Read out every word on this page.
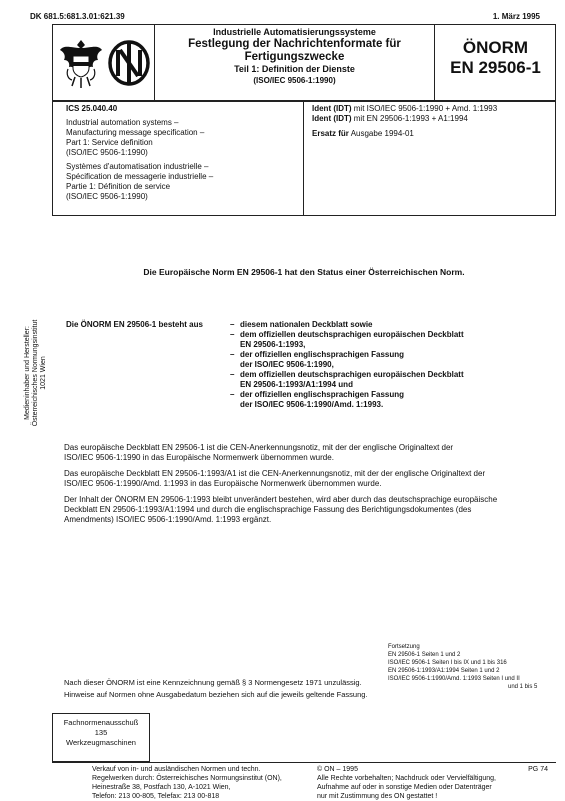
DK 681.5:681.3.01:621.39	1. März 1995
Industrielle Automatisierungssysteme
Festlegung der Nachrichtenformate für
Fertigungszwecke
Teil 1: Definition der Dienste
(ISO/IEC 9506-1:1990)
ÖNORM
EN 29506-1
ICS 25.040.40
Industrial automation systems –
Manufacturing message specification –
Part 1: Service definition
(ISO/IEC 9506-1:1990)
Systèmes d'automatisation industrielle –
Spécification de messagerie industrielle –
Partie 1: Définition de service
(ISO/IEC 9506-1:1990)
Ident (IDT) mit ISO/IEC 9506-1:1990 + Amd. 1:1993
Ident (IDT) mit EN 29506-1:1993 + A1:1994
Ersatz für Ausgabe 1994-01
Die Europäische Norm EN 29506-1 hat den Status einer Österreichischen Norm.
Die ÖNORM EN 29506-1 besteht aus	– diesem nationalen Deckblatt sowie
– dem offiziellen deutschsprachigen europäischen Deckblatt
EN 29506-1:1993,
– der offiziellen englischsprachigen Fassung
der ISO/IEC 9506-1:1990,
– dem offiziellen deutschsprachigen europäischen Deckblatt
EN 29506-1:1993/A1:1994 und
– der offiziellen englischsprachigen Fassung
der ISO/IEC 9506-1:1990/Amd. 1:1993.
Medieninhaber und Hersteller: Österreichisches Normungsinstitut 1021 Wien
Das europäische Deckblatt EN 29506-1 ist die CEN-Anerkennungsnotiz, mit der der englische Originaltext der
ISO/IEC 9506-1:1990 in das Europäische Normenwerk übernommen wurde.
Das europäische Deckblatt EN 29506-1:1993/A1 ist die CEN-Anerkennungsnotiz, mit der der englische Originaltext der
ISO/IEC 9506-1:1990/Amd. 1:1993 in das Europäische Normenwerk übernommen wurde.
Der Inhalt der ÖNORM EN 29506-1:1993 bleibt unverändert bestehen, wird aber durch das deutschsprachige europäische
Deckblatt EN 29506-1:1993/A1:1994 und durch die englischsprachige Fassung des Berichtigungsdokumentes (des
Amendments) ISO/IEC 9506-1:1990/Amd. 1:1993 ergänzt.
Fortsetzung
EN 29506-1 Seiten 1 und 2
ISO/IEC 9506-1 Seiten I bis IX und 1 bis 316
EN 29506-1:1993/A1:1994 Seiten 1 und 2
ISO/IEC 9506-1:1990/Amd. 1:1993 Seiten I und II
und 1 bis 5
Nach dieser ÖNORM ist eine Kennzeichnung gemäß § 3 Normengesetz 1971 unzulässig.
Hinweise auf Normen ohne Ausgabedatum beziehen sich auf die jeweils geltende Fassung.
Fachnormenausschuß
135
Werkzeugmaschinen
Verkauf von in- und ausländischen Normen und techn.
Regelwerken durch: Österreichisches Normungsinstitut (ON),
Heinestraße 38, Postfach 130, A-1021 Wien,
Telefon: 213 00-805, Telefax: 213 00-818
© ON – 1995
Alle Rechte vorbehalten; Nachdruck oder Vervielfältigung,
Aufnahme auf oder in sonstige Medien oder Datenträger
nur mit Zustimmung des ON gestattet !
PG 74
